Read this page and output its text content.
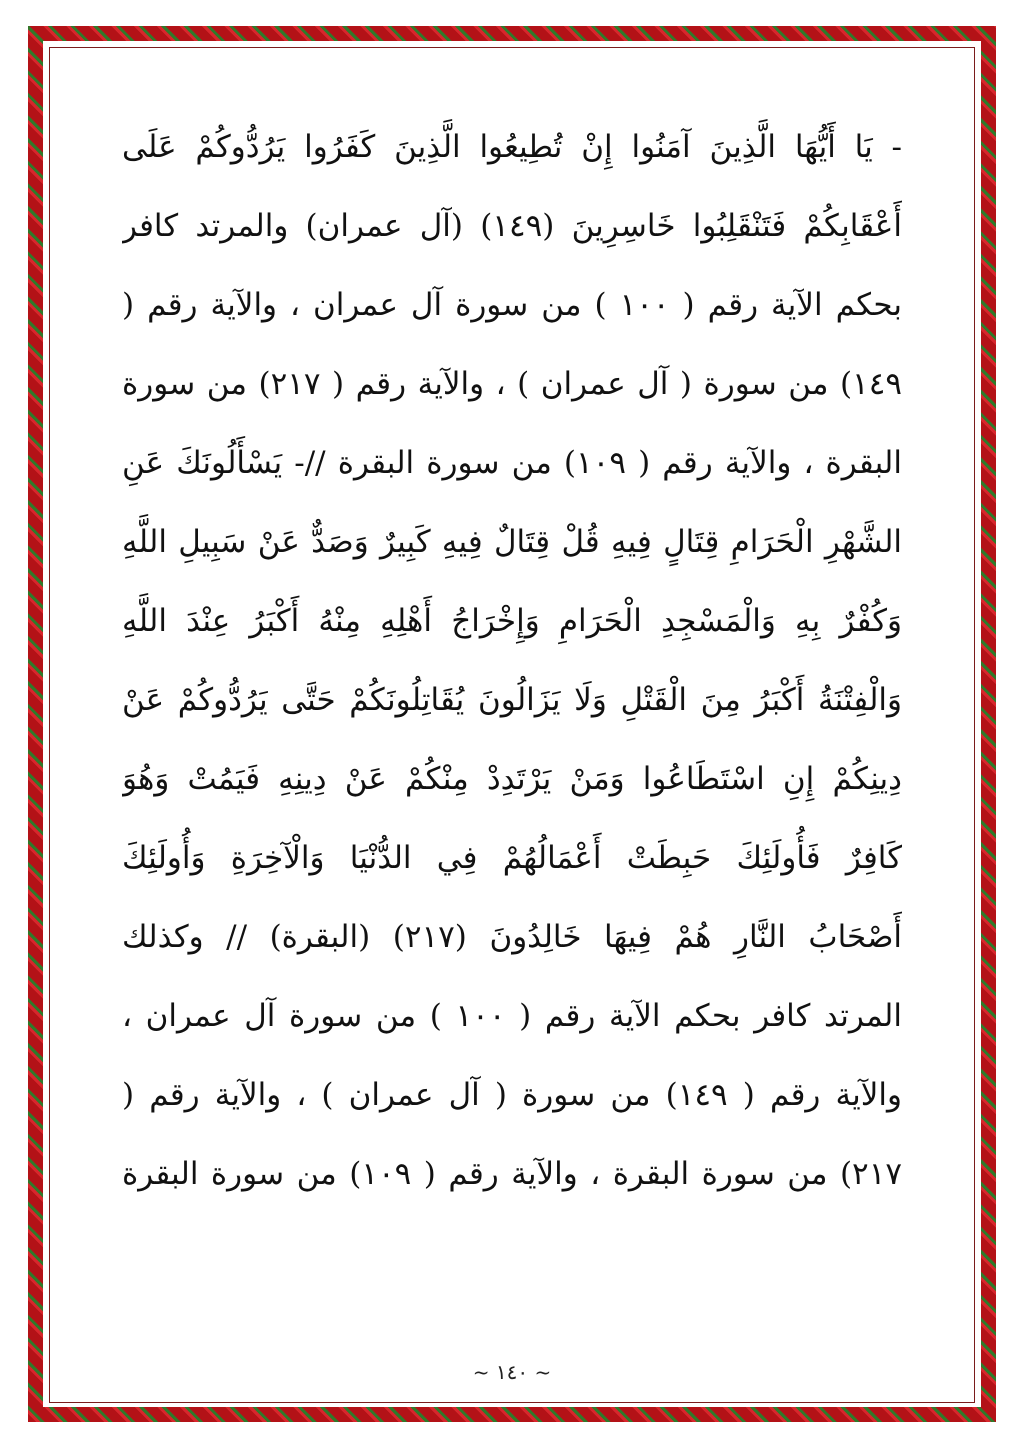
- يَا أَيُّهَا الَّذِينَ آمَنُوا إِنْ تُطِيعُوا الَّذِينَ كَفَرُوا يَرُدُّوكُمْ عَلَى
أَعْقَابِكُمْ فَتَنْقَلِبُوا خَاسِرِينَ (١٤٩) (آل عمران) والمرتد كافر
بحكم الآية رقم ( ١٠٠ ) من سورة آل عمران ، والآية رقم (
١٤٩) من سورة ( آل عمران ) ، والآية رقم ( ٢١٧) من سورة
البقرة ، والآية رقم ( ١٠٩) من سورة البقرة //- يَسْأَلُونَكَ عَنِ
الشَّهْرِ الْحَرَامِ قِتَالٍ فِيهِ قُلْ قِتَالٌ فِيهِ كَبِيرٌ وَصَدٌّ عَنْ سَبِيلِ اللَّهِ
وَكُفْرٌ بِهِ وَالْمَسْجِدِ الْحَرَامِ وَإِخْرَاجُ أَهْلِهِ مِنْهُ أَكْبَرُ عِنْدَ اللَّهِ
وَالْفِتْنَةُ أَكْبَرُ مِنَ الْقَتْلِ وَلَا يَزَالُونَ يُقَاتِلُونَكُمْ حَتَّى يَرُدُّوكُمْ عَنْ
دِينِكُمْ إِنِ اسْتَطَاعُوا وَمَنْ يَرْتَدِدْ مِنْكُمْ عَنْ دِينِهِ فَيَمُتْ وَهُوَ
كَافِرٌ فَأُولَئِكَ حَبِطَتْ أَعْمَالُهُمْ فِي الدُّنْيَا وَالْآخِرَةِ وَأُولَئِكَ
أَصْحَابُ النَّارِ هُمْ فِيهَا خَالِدُونَ (٢١٧) (البقرة) // وكذلك
المرتد كافر بحكم الآية رقم ( ١٠٠ ) من سورة آل عمران ،
والآية رقم ( ١٤٩) من سورة ( آل عمران ) ، والآية رقم (
٢١٧) من سورة البقرة ، والآية رقم ( ١٠٩) من سورة البقرة
~ ١٤٠ ~
